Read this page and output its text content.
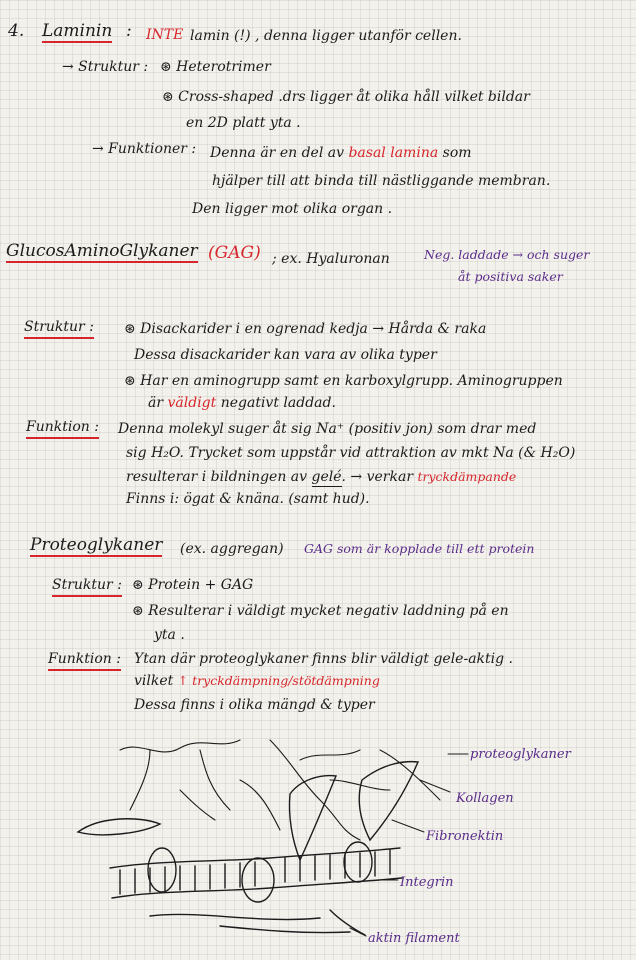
4. Laminin : INTE lamin (!) , denna ligger utanför cellen.
→ Struktur : ⊛ Heterotrimer
⊛ Cross-shaped .drs ligger åt olika håll vilket bildar
en 2D platt yta .
→ Funktioner : Denna är en del av basal lamina som
hjälper till att binda till nästliggande membran.
Den ligger mot olika organ .
GlucosAminoGlykaner (GAG) ; ex. Hyaluronan	Neg. laddade → och suger
åt positiva saker
Struktur : ⊛ Disackarider i en ogrenad kedja → Hårda & raka
Dessa disackarider kan vara av olika typer
⊛ Har en aminogrupp samt en karboxylgrupp. Aminogruppen
är väldigt negativt laddad.
Funktion : Denna molekyl suger åt sig Na⁺ (positiv jon) som drar med
sig H₂O. Trycket som uppstår vid attraktion av mkt Na (& H₂O)
resulterar i bildningen av gelé. → verkar tryckdämpande
Finns i: ögat & knäna. (samt hud).
Proteoglykaner (ex. aggregan) GAG som är kopplade till ett protein
Struktur : ⊛ Protein + GAG
⊛ Resulterar i väldigt mycket negativ laddning på en
yta .
Funktion : Ytan där proteoglykaner finns blir väldigt gele-aktig .
vilket ↑ tryckdämpning/stötdämpning
Dessa finns i olika mängd & typer
proteoglykaner
Kollagen
Fibronektin
Integrin
aktin filament
